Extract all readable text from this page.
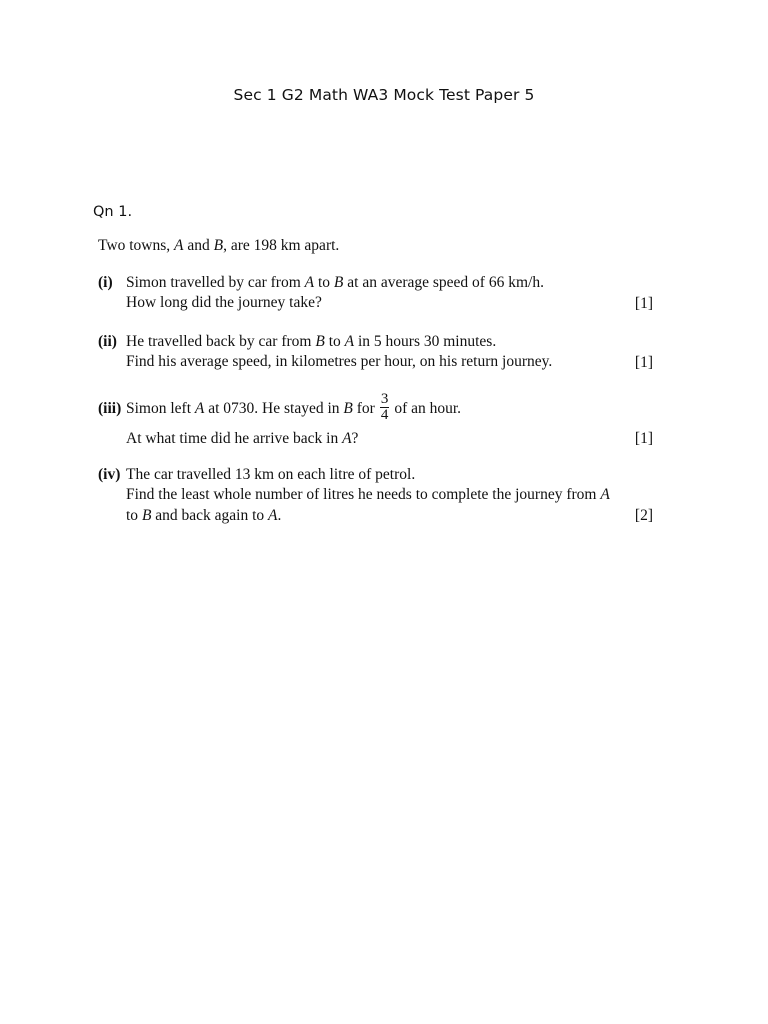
Sec 1 G2 Math WA3 Mock Test Paper 5
Qn 1.
Two towns, A and B, are 198 km apart.
(i) Simon travelled by car from A to B at an average speed of 66 km/h.
How long did the journey take?	[1]
(ii) He travelled back by car from B to A in 5 hours 30 minutes.
Find his average speed, in kilometres per hour, on his return journey.	[1]
(iii) Simon left A at 0730. He stayed in B for $\frac{3}{4}$ of an hour.
At what time did he arrive back in A?	[1]
(iv) The car travelled 13 km on each litre of petrol.
Find the least whole number of litres he needs to complete the journey from A
to B and back again to A.	[2]
